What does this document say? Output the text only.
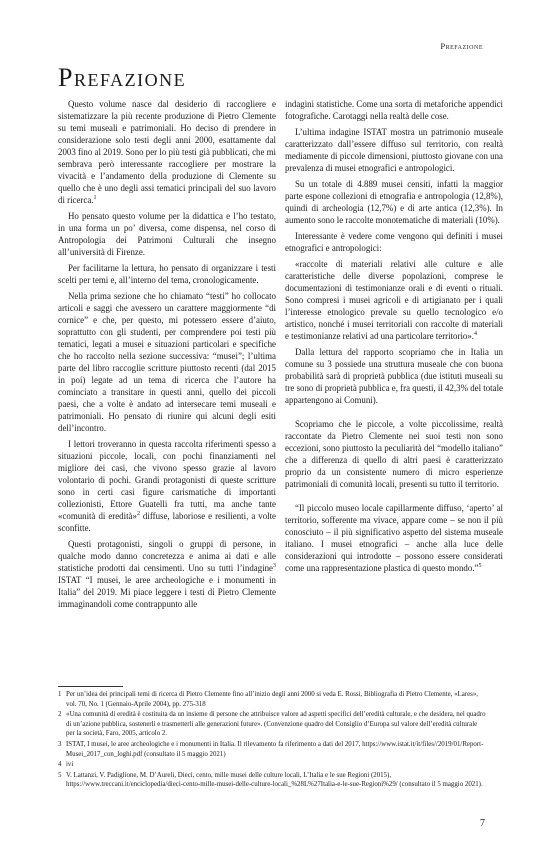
Prefazione
Prefazione

Questo volume nasce dal desiderio di raccogliere e sistematizzare la più recente produzione di Pietro Clemente su temi museali e patrimoniali. Ho deciso di prendere in considerazione solo testi degli anni 2000, esattamente dal 2003 fino al 2019. Sono per lo più testi già pubblicati, che mi sembrava però interessante raccogliere per mostrare la vivacità e l’andamento della produzione di Clemente su quello che è uno degli assi tematici principali del suo lavoro di ricerca.$^1$

Ho pensato questo volume per la didattica e l’ho testato, in una forma un po’ diversa, come dispensa, nel corso di Antropologia dei Patrimoni Culturali che insegno all’università di Firenze.

Per facilitarne la lettura, ho pensato di organizzare i testi scelti per temi e, all’interno del tema, cronologicamente.

Nella prima sezione che ho chiamato “testi” ho collocato articoli e saggi che avessero un carattere maggiormente “di cornice” e che, per questo, mi potessero essere d’aiuto, soprattutto con gli studenti, per comprendere poi testi più tematici, legati a musei e situazioni particolari e specifiche che ho raccolto nella sezione successiva: “musei”; l’ultima parte del libro raccoglie scritture piuttosto recenti (dal 2015 in poi) legate ad un tema di ricerca che l’autore ha cominciato a transitare in questi anni, quello dei piccoli paesi, che a volte è andato ad intersecare temi museali e patrimoniali. Ho pensato di riunire qui alcuni degli esiti dell’incontro.

I lettori troveranno in questa raccolta riferimenti spesso a situazioni piccole, locali, con pochi finanziamenti nel migliore dei casi, che vivono spesso grazie al lavoro volontario di pochi. Grandi protagonisti di queste scritture sono in certi casi figure carismatiche di importanti collezionisti, Ettore Guatelli fra tutti, ma anche tante «comunità di eredità»$^2$ diffuse, laboriose e resilienti, a volte sconfitte.

Questi protagonisti, singoli o gruppi di persone, in qualche modo danno concretezza e anima ai dati e alle statistiche prodotti dai censimenti. Uno su tutti l’indagine$^3$ ISTAT “I musei, le aree archeologiche e i monumenti in Italia” del 2019. Mi piace leggere i testi di Pietro Clemente immaginandoli come contrappunto alle

indagini statistiche. Come una sorta di metaforiche appendici fotografiche. Carotaggi nella realtà delle cose.

L’ultima indagine ISTAT mostra un patrimonio museale caratterizzato dall’essere diffuso sul territorio, con realtà mediamente di piccole dimensioni, piuttosto giovane con una prevalenza di musei etnografici e antropologici.

Su un totale di 4.889 musei censiti, infatti la maggior parte espone collezioni di etnografia e antropologia (12,8%), quindi di archeologia (12,7%) e di arte antica (12,3%). In aumento sono le raccolte monotematiche di materiali (10%).

Interessante è vedere come vengono qui definiti i musei etnografici e antropologici:

«raccolte di materiali relativi alle culture e alle caratteristiche delle diverse popolazioni, comprese le documentazioni di testimonianze orali e di eventi o rituali. Sono compresi i musei agricoli e di artigianato per i quali l’interesse etnologico prevale su quello tecnologico e/o artistico, nonché i musei territoriali con raccolte di materiali e testimonianze relativi ad una particolare territorio».$^4$

Dalla lettura del rapporto scopriamo che in Italia un comune su 3 possiede una struttura museale che con buona probabilità sarà di proprietà pubblica (due istituti museali su tre sono di proprietà pubblica e, fra questi, il 42,3% del totale appartengono ai Comuni).

Scopriamo che le piccole, a volte piccolissime, realtà raccontate da Pietro Clemente nei suoi testi non sono eccezioni, sono piuttosto la peculiarità del “modello italiano” che a differenza di quello di altri paesi è caratterizzato proprio da un consistente numero di micro esperienze patrimoniali di comunità locali, presenti su tutto il territorio.

“Il piccolo museo locale capillarmente diffuso, ‘aperto’ al territorio, sofferente ma vivace, appare come – se non il più conosciuto – il più significativo aspetto del sistema museale italiano. I musei etnografici – anche alla luce delle considerazioni qui introdotte – possono essere considerati come una rappresentazione plastica di questo mondo.”$^5$

1 Per un’idea dei principali temi di ricerca di Pietro Clemente fino all’inizio degli anni 2000 si veda E. Rossi, Bibliografia di Pietro Clemente, «Lares», vol. 70, No. 1 (Gennaio-Aprile 2004), pp. 275-318
2 «Una comunità di eredità è costituita da un insieme di persone che attribuisce valore ad aspetti specifici dell’eredità culturale, e che desidera, nel quadro di un’azione pubblica, sostenerli e trasmetterli alle generazioni future». (Convenzione quadro del Consiglio d’Europa sul valore dell’eredità culturale per la società, Faro, 2005, articolo 2.
3 ISTAT, I musei, le aree archeologiche e i monumenti in Italia. Il rilevamento fa riferimento a dati del 2017, https://www.istat.it/it/files//2019/01/Report-Musei_2017_con_loghi.pdf (consultato il 5 maggio 2021)
4 ivi
5 V. Lattanzi, V. Padiglione, M. D’Aureli, Dieci, cento, mille musei delle culture locali, L’Italia e le sue Regioni (2015), https://www.treccani.it/enciclopedia/dieci-cento-mille-musei-delle-culture-locali_%28L%27Italia-e-le-sue-Regioni%29/ (consultato il 5 maggio 2021).
7
